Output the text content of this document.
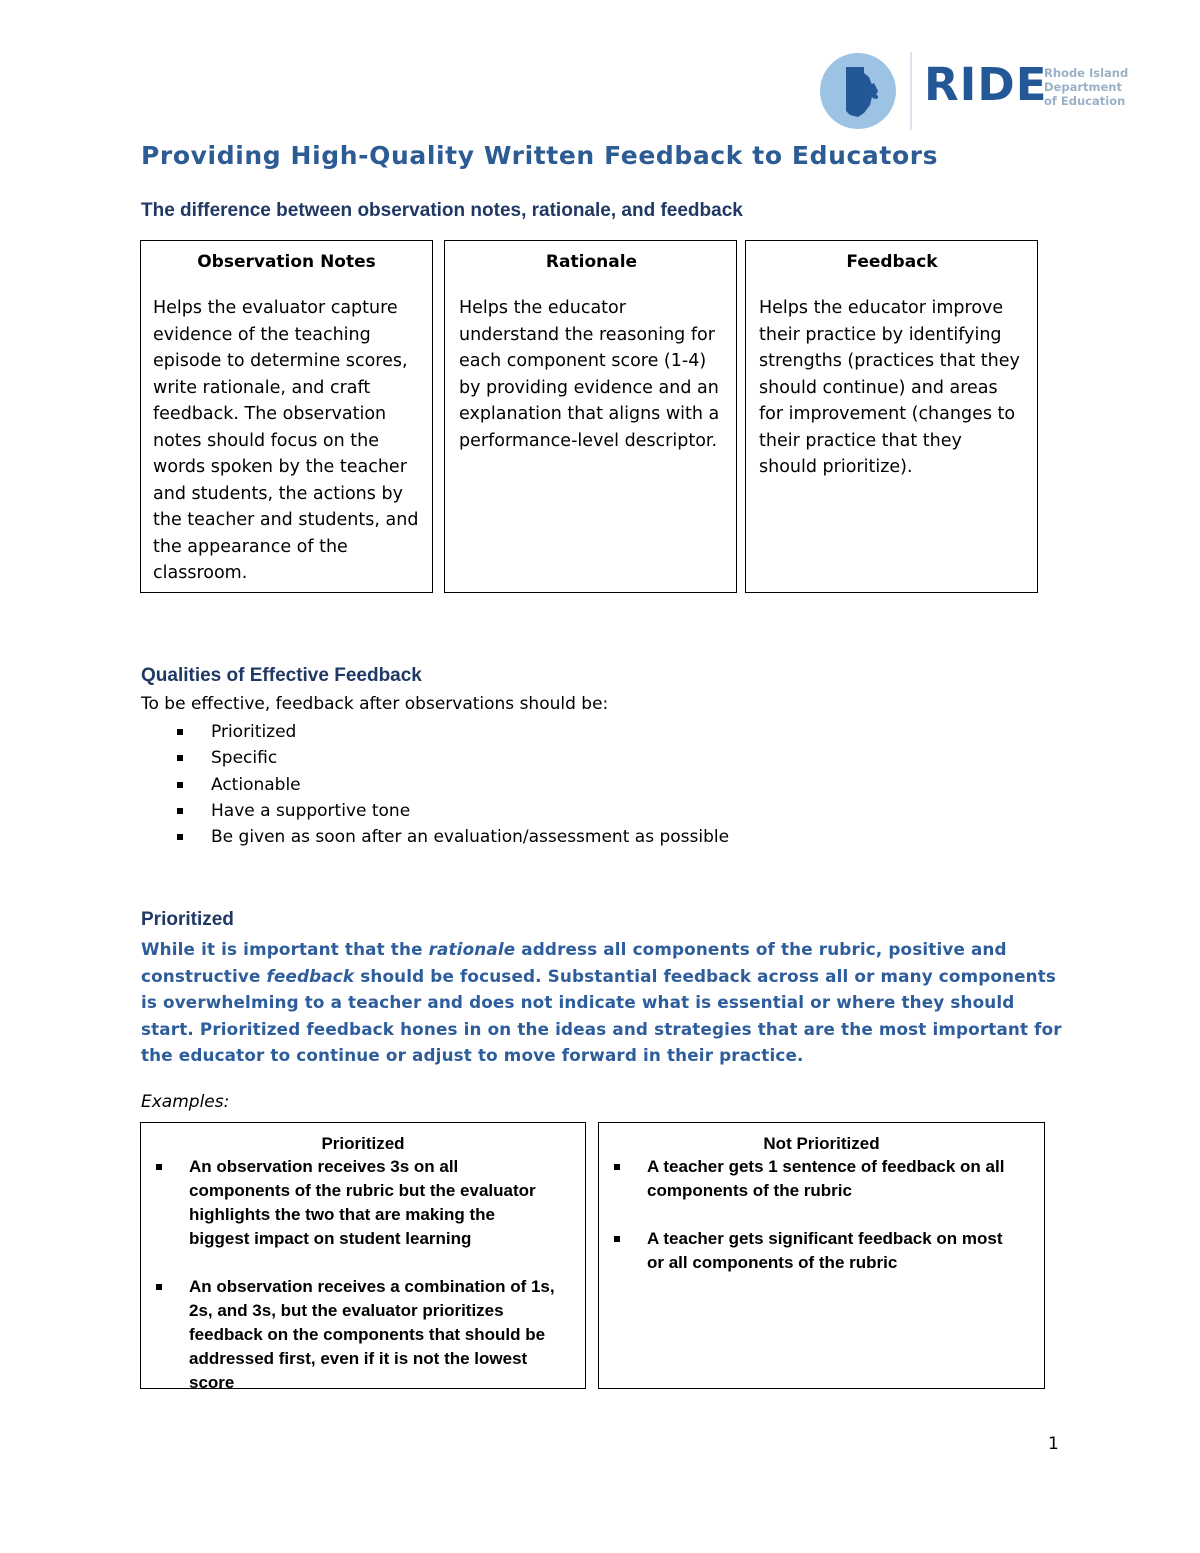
RIDE
Rhode Island
Department
of Education
Providing High-Quality Written Feedback to Educators
The difference between observation notes, rationale, and feedback
Observation Notes
Helps the evaluator capture evidence of the teaching episode to determine scores, write rationale, and craft feedback. The observation notes should focus on the words spoken by the teacher and students, the actions by the teacher and students, and the appearance of the classroom.
Rationale
Helps the educator understand the reasoning for each component score (1-4) by providing evidence and an explanation that aligns with a performance-level descriptor.
Feedback
Helps the educator improve their practice by identifying strengths (practices that they should continue) and areas for improvement (changes to their practice that they should prioritize).
Qualities of Effective Feedback
To be effective, feedback after observations should be:
Prioritized
Specific
Actionable
Have a supportive tone
Be given as soon after an evaluation/assessment as possible
Prioritized
While it is important that the rationale address all components of the rubric, positive and constructive feedback should be focused. Substantial feedback across all or many components is overwhelming to a teacher and does not indicate what is essential or where they should start. Prioritized feedback hones in on the ideas and strategies that are the most important for the educator to continue or adjust to move forward in their practice.
Examples:
Prioritized
An observation receives 3s on all components of the rubric but the evaluator highlights the two that are making the biggest impact on student learning
An observation receives a combination of 1s, 2s, and 3s, but the evaluator prioritizes feedback on the components that should be addressed first, even if it is not the lowest score
Not Prioritized
A teacher gets 1 sentence of feedback on all components of the rubric
A teacher gets significant feedback on most or all components of the rubric
1
